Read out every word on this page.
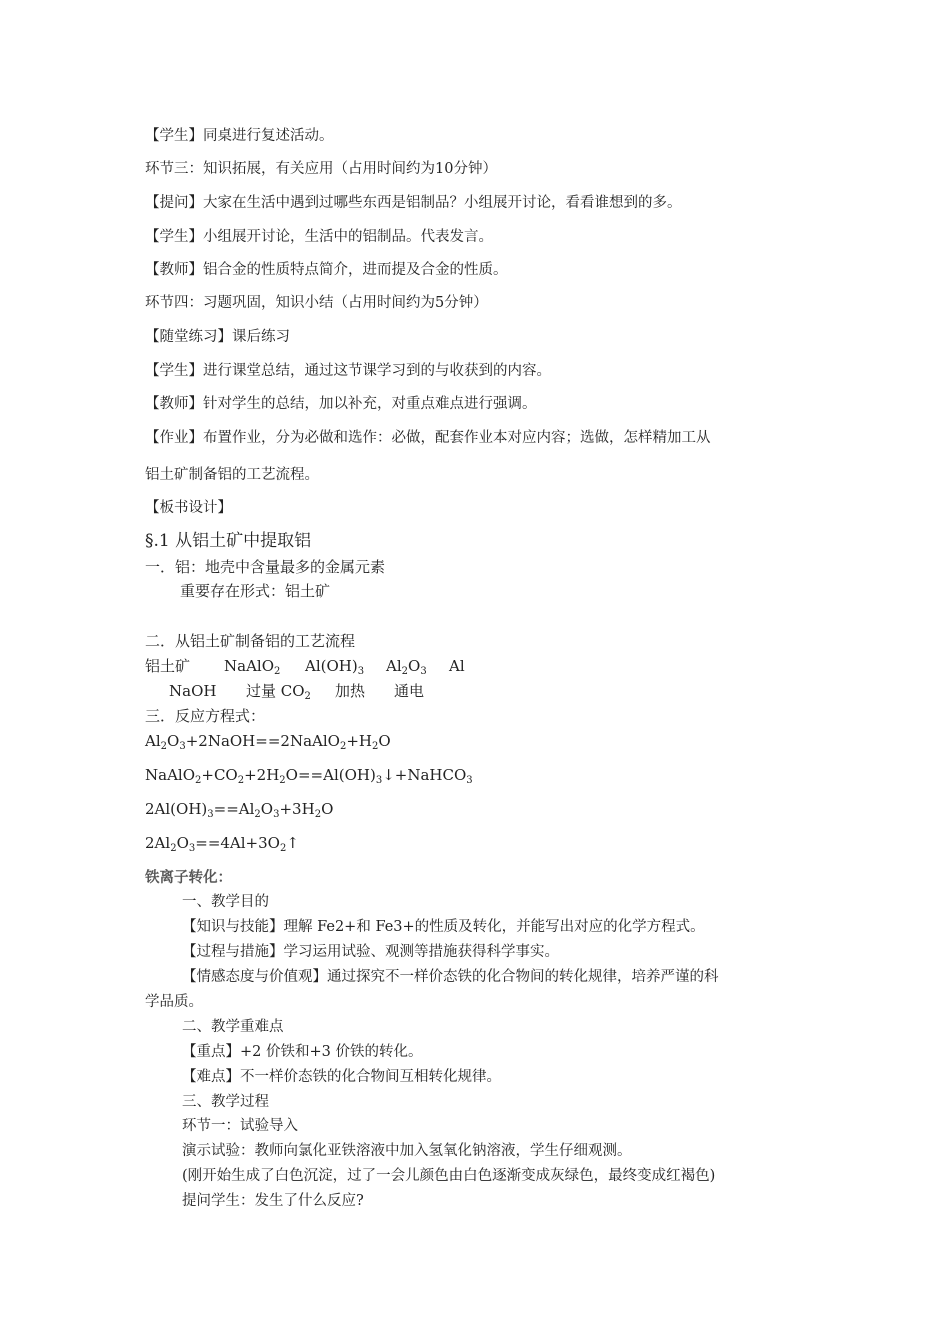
【学生】同桌进行复述活动。
环节三：知识拓展，有关应用（占用时间约为10分钟）
【提问】大家在生活中遇到过哪些东西是铝制品？小组展开讨论，看看谁想到的多。
【学生】小组展开讨论，生活中的铝制品。代表发言。
【教师】铝合金的性质特点简介，进而提及合金的性质。
环节四：习题巩固，知识小结（占用时间约为5分钟）
【随堂练习】课后练习
【学生】进行课堂总结，通过这节课学习到的与收获到的内容。
【教师】针对学生的总结，加以补充，对重点难点进行强调。
【作业】布置作业，分为必做和选作：必做，配套作业本对应内容；选做，怎样精加工从
铝土矿制备铝的工艺流程。
【板书设计】
§.1 从铝土矿中提取铝
一．铝：地壳中含量最多的金属元素
重要存在形式：铝土矿
二．从铝土矿制备铝的工艺流程
铝土矿 NaAlO$_2$ $Al(OH)_3$ $Al_2O_3$ Al
NaOH 过量 $CO_2$ 加热 通电
三．反应方程式：
$Al_2O_3+2NaOH==2NaAlO_2+H_2O$
$NaAlO_2+CO_2+2H_2O==Al(OH)_3↓+NaHCO_3$
$2Al(OH)_3==Al_2O_3+3H_2O$
$2Al_2O_3==4Al+3O_2↑$
铁离子转化：
一、教学目的
【知识与技能】理解 Fe2+和 Fe3+的性质及转化，并能写出对应的化学方程式。
【过程与措施】学习运用试验、观测等措施获得科学事实。
【情感态度与价值观】通过探究不一样价态铁的化合物间的转化规律，培养严谨的科
学品质。
二、教学重难点
【重点】+2 价铁和+3 价铁的转化。
【难点】不一样价态铁的化合物间互相转化规律。
三、教学过程
环节一：试验导入
演示试验：教师向氯化亚铁溶液中加入氢氧化钠溶液，学生仔细观测。
(刚开始生成了白色沉淀，过了一会儿颜色由白色逐渐变成灰绿色，最终变成红褐色)
提问学生：发生了什么反应?
